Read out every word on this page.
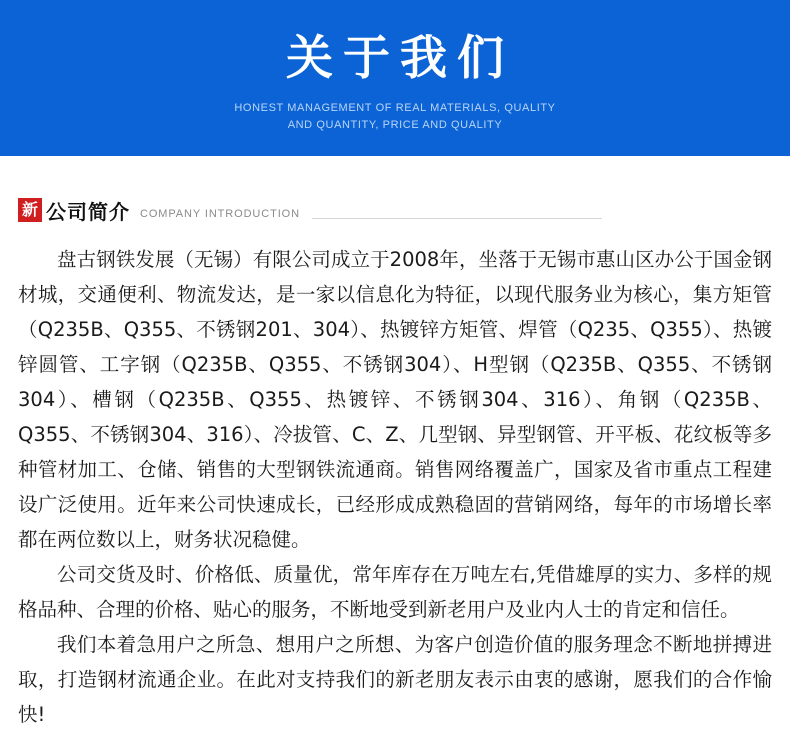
关于我们
HONEST MANAGEMENT OF REAL MATERIALS, QUALITY
AND QUANTITY, PRICE AND QUALITY
新 公司简介 COMPANY INTRODUCTION

盘古钢铁发展（无锡）有限公司成立于2008年，坐落于无锡市惠山区办公于国金钢材城，交通便利、物流发达，是一家以信息化为特征，以现代服务业为核心，集方矩管（Q235B、Q355、不锈钢201、304）、热镀锌方矩管、焊管（Q235、Q355）、热镀锌圆管、工字钢（Q235B、Q355、不锈钢304）、H型钢（Q235B、Q355、不锈钢304）、槽钢（Q235B、Q355、热镀锌、不锈钢304、316）、角钢（Q235B、Q355、不锈钢304、316）、冷拔管、C、Z、几型钢、异型钢管、开平板、花纹板等多种管材加工、仓储、销售的大型钢铁流通商。销售网络覆盖广，国家及省市重点工程建设广泛使用。近年来公司快速成长，已经形成成熟稳固的营销网络，每年的市场增长率都在两位数以上，财务状况稳健。

公司交货及时、价格低、质量优，常年库存在万吨左右,凭借雄厚的实力、多样的规格品种、合理的价格、贴心的服务，不断地受到新老用户及业内人士的肯定和信任。

我们本着急用户之所急、想用户之所想、为客户创造价值的服务理念不断地拼搏进取，打造钢材流通企业。在此对支持我们的新老朋友表示由衷的感谢，愿我们的合作愉快!
